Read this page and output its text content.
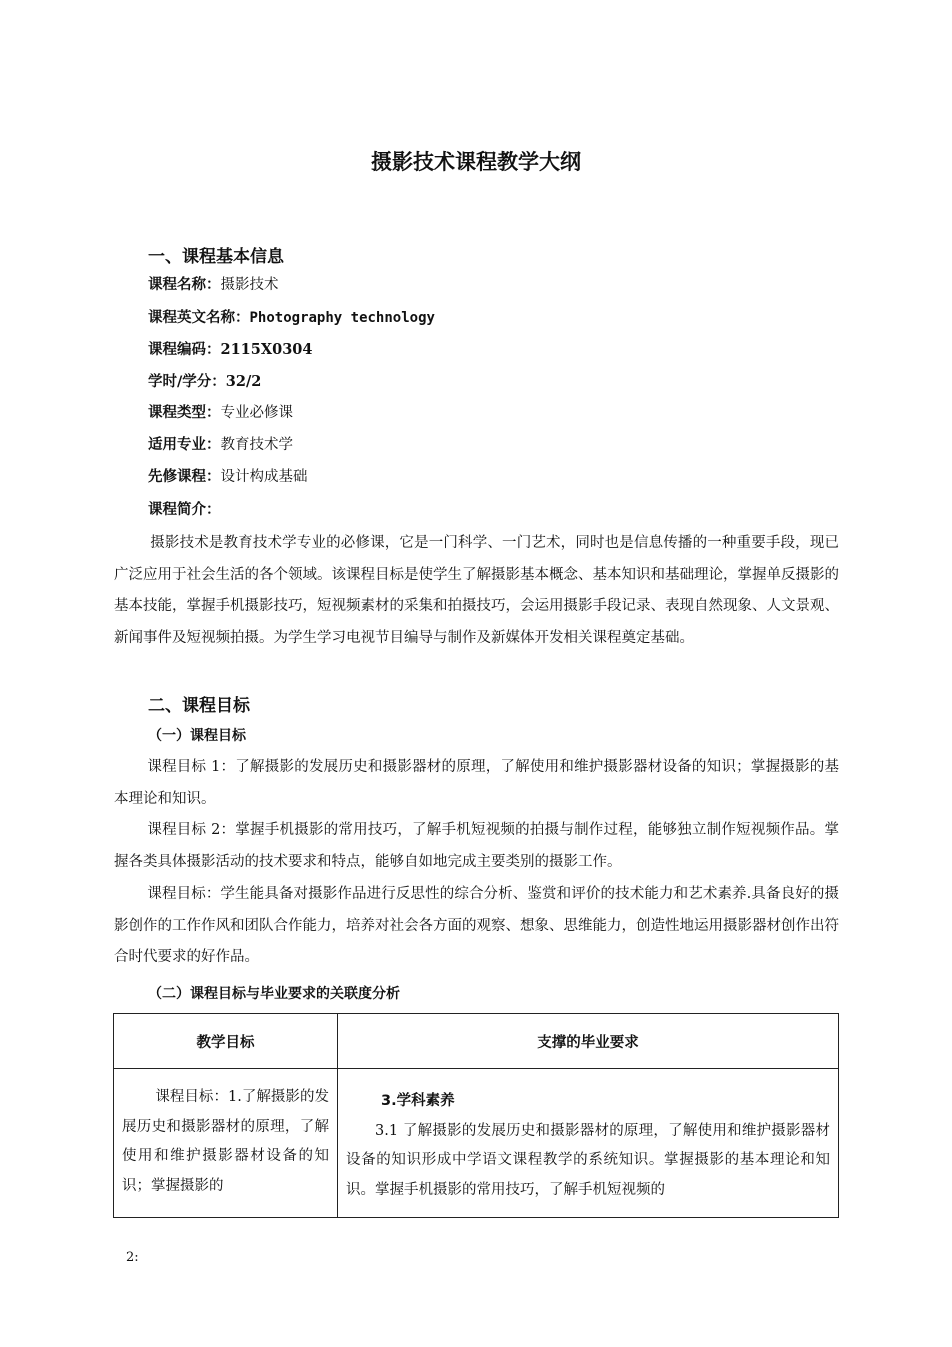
摄影技术课程教学大纲
一、课程基本信息
课程名称：摄影技术
课程英文名称：Photography technology
课程编码：2115X0304
学时/学分：32/2
课程类型：专业必修课
适用专业：教育技术学
先修课程：设计构成基础
课程简介：

摄影技术是教育技术学专业的必修课，它是一门科学、一门艺术，同时也是信息传播的一种重要手段，现已广泛应用于社会生活的各个领域。该课程目标是使学生了解摄影基本概念、基本知识和基础理论，掌握单反摄影的基本技能，掌握手机摄影技巧，短视频素材的采集和拍摄技巧，会运用摄影手段记录、表现自然现象、人文景观、新闻事件及短视频拍摄。为学生学习电视节目编导与制作及新媒体开发相关课程奠定基础。

二、课程目标
（一）课程目标

课程目标 1：了解摄影的发展历史和摄影器材的原理，了解使用和维护摄影器材设备的知识；掌握摄影的基本理论和知识。

课程目标 2：掌握手机摄影的常用技巧，了解手机短视频的拍摄与制作过程，能够独立制作短视频作品。掌握各类具体摄影活动的技术要求和特点，能够自如地完成主要类别的摄影工作。

课程目标：学生能具备对摄影作品进行反思性的综合分析、鉴赏和评价的技术能力和艺术素养.具备良好的摄影创作的工作作风和团队合作能力，培养对社会各方面的观察、想象、思维能力，创造性地运用摄影器材创作出符合时代要求的好作品。

（二）课程目标与毕业要求的关联度分析
教学目标	支撑的毕业要求

课程目标：1.了解摄影的发展历史和摄影器材的原理，了解使用和维护摄影器材设备的知识；掌握摄影的	3.学科素养
3.1 了解摄影的发展历史和摄影器材的原理，了解使用和维护摄影器材设备的知识形成中学语文课程教学的系统知识。掌握摄影的基本理论和知识。掌握手机摄影的常用技巧，了解手机短视频的
2:
